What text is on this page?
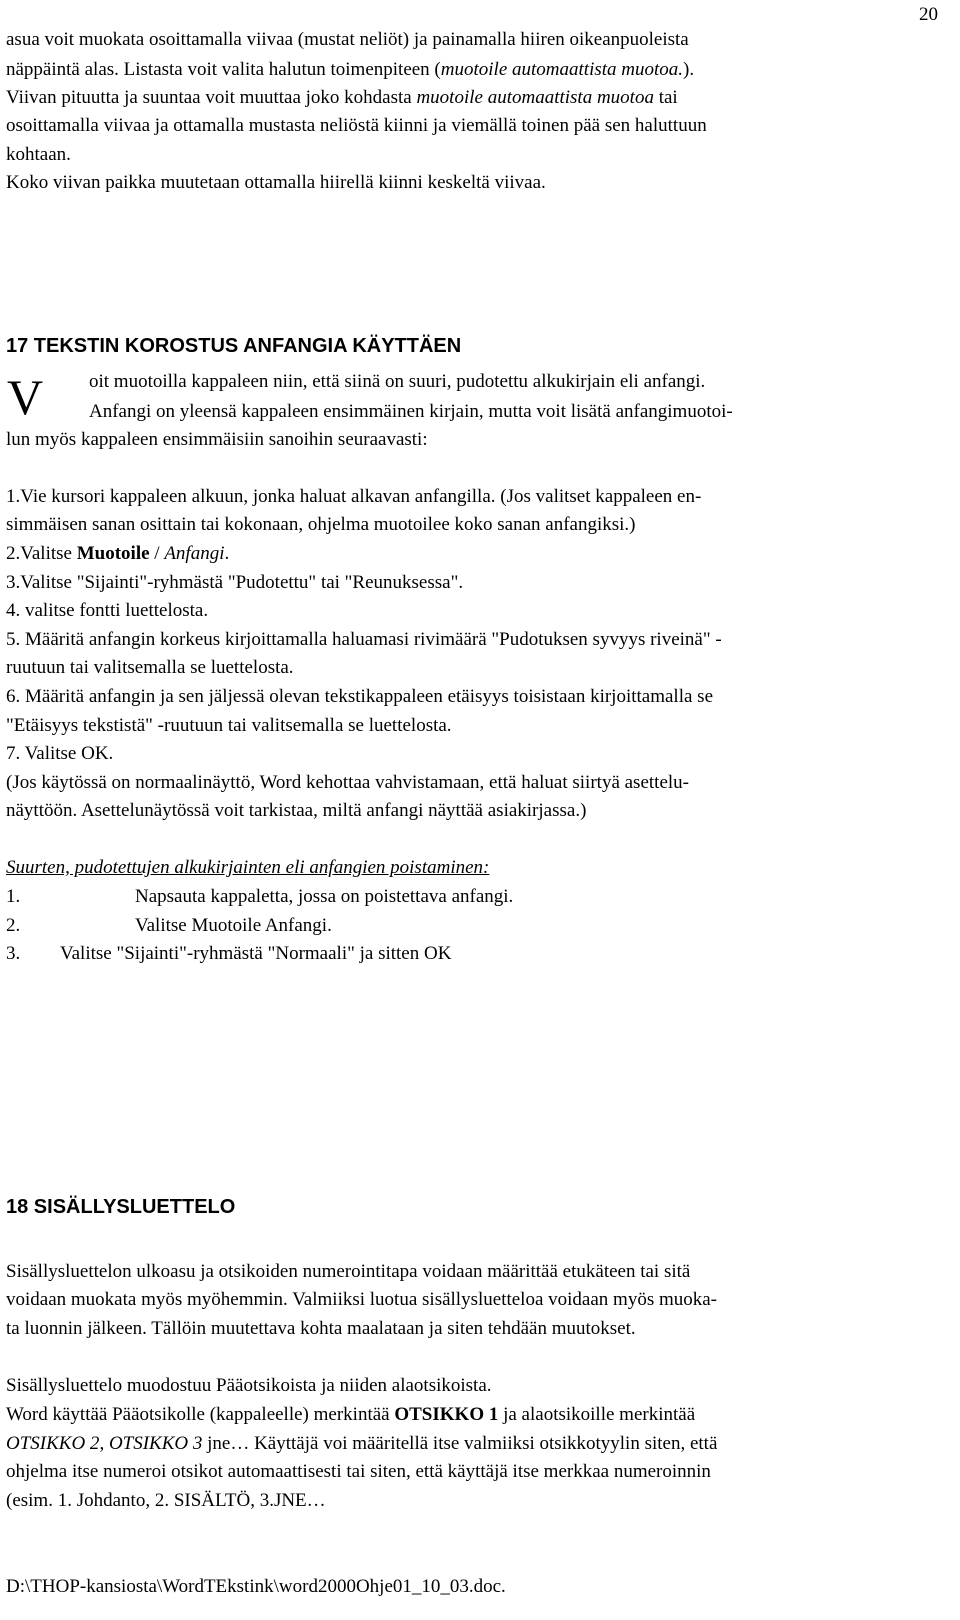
20
asua voit muokata osoittamalla viivaa (mustat neliöt) ja painamalla hiiren oikeanpuoleista
näppäintä alas. Listasta voit valita halutun toimenpiteen (muotoile automaattista muotoa.).
Viivan pituutta ja suuntaa voit muuttaa joko kohdasta muotoile automaattista muotoa tai
osoittamalla viivaa ja ottamalla mustasta neliöstä kiinni ja viemällä toinen pää sen haluttuun
kohtaan.
Koko viivan paikka muutetaan ottamalla hiirellä kiinni keskeltä viivaa.
17 TEKSTIN KOROSTUS ANFANGIA KÄYTTÄEN
V oit muotoilla kappaleen niin, että siinä on suuri, pudotettu alkukirjain eli anfangi.
Anfangi on yleensä kappaleen ensimmäinen kirjain, mutta voit lisätä anfangimuotoi-
lun myös kappaleen ensimmäisiin sanoihin seuraavasti:
1.Vie kursori kappaleen alkuun, jonka haluat alkavan anfangilla. (Jos valitset kappaleen en-
simmäisen sanan osittain tai kokonaan, ohjelma muotoilee koko sanan anfangiksi.)
2.Valitse Muotoile / Anfangi.
3.Valitse "Sijainti"-ryhmästä "Pudotettu" tai "Reunuksessa".
4. valitse fontti luettelosta.
5. Määritä anfangin korkeus kirjoittamalla haluamasi rivimäärä "Pudotuksen syvyys riveinä" -
ruutuun tai valitsemalla se luettelosta.
6. Määritä anfangin ja sen jäljessä olevan tekstikappaleen etäisyys toisistaan kirjoittamalla se
"Etäisyys tekstistä" -ruutuun tai valitsemalla se luettelosta.
7. Valitse OK.
(Jos käytössä on normaalinäyttö, Word kehottaa vahvistamaan, että haluat siirtyä asettelu-
näyttöön. Asettelunäytössä voit tarkistaa, miltä anfangi näyttää asiakirjassa.)
Suurten, pudotettujen alkukirjainten eli anfangien poistaminen:
1.	Napsauta kappaletta, jossa on poistettava anfangi.
2.	Valitse Muotoile Anfangi.
3. Valitse "Sijainti"-ryhmästä "Normaali" ja sitten OK
18 SISÄLLYSLUETTELO
Sisällysluettelon ulkoasu ja otsikoiden numerointitapa voidaan määrittää etukäteen tai sitä
voidaan muokata myös myöhemmin. Valmiiksi luotua sisällysluetteloa voidaan myös muoka-
ta luonnin jälkeen. Tällöin muutettava kohta maalataan ja siten tehdään muutokset.
Sisällysluettelo muodostuu Pääotsikoista ja niiden alaotsikoista.
Word käyttää Pääotsikolle (kappaleelle) merkintää OTSIKKO 1 ja alaotsikoille merkintää
OTSIKKO 2, OTSIKKO 3 jne… Käyttäjä voi määritellä itse valmiiksi otsikkotyylin siten, että
ohjelma itse numeroi otsikot automaattisesti tai siten, että käyttäjä itse merkkaa numeroinnin
(esim. 1. Johdanto, 2. SISÄLTÖ, 3.JNE…
D:\THOP-kansiosta\WordTEkstink\word2000Ohje01_10_03.doc.
